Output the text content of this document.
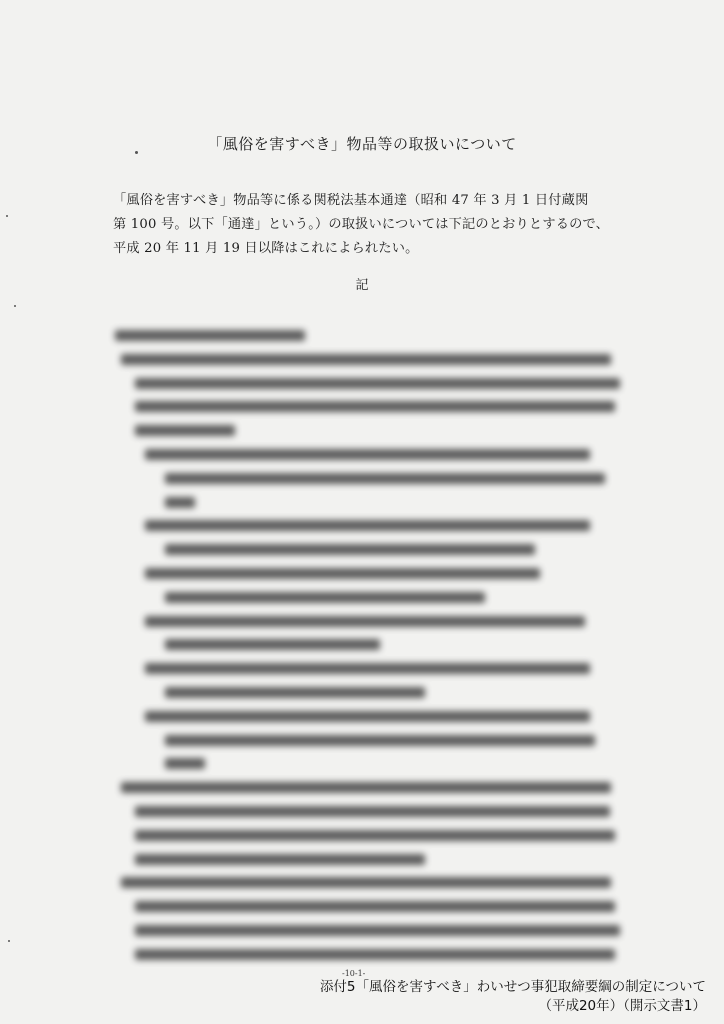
「風俗を害すべき」物品等の取扱いについて

「風俗を害すべき」物品等に係る関税法基本通達（昭和 47 年 3 月 1 日付蔵関

第 100 号。以下「通達」という。）の取扱いについては下記のとおりとするので、

平成 20 年 11 月 19 日以降はこれによられたい。

記
-10-1-
添付5「風俗を害すべき」わいせつ事犯取締要綱の制定について
（平成20年）（開示文書1）
